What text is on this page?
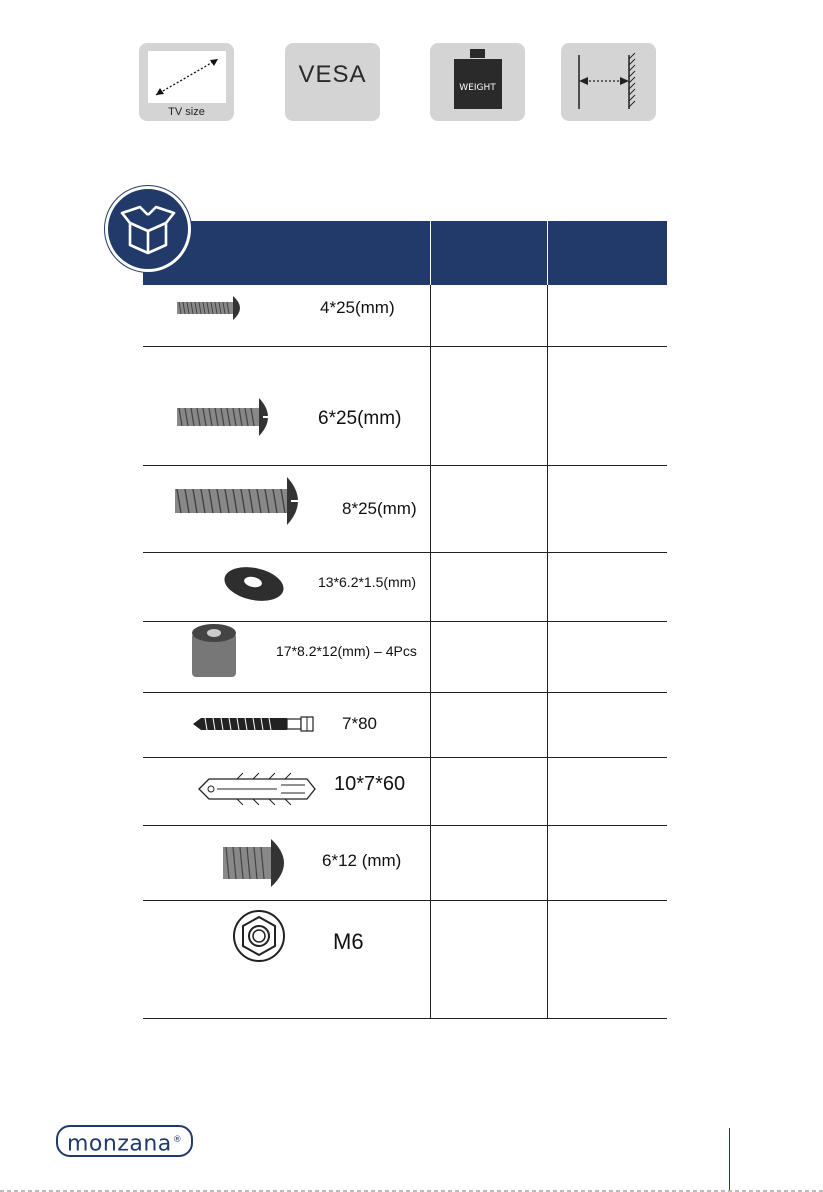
TV size
VESA	WEIGHT
4*25(mm)
6*25(mm)
8*25(mm)
13*6.2*1.5(mm)
17*8.2*12(mm) – 4Pcs
7*80
10*7*60
6*12 (mm)
M6
monzana®
